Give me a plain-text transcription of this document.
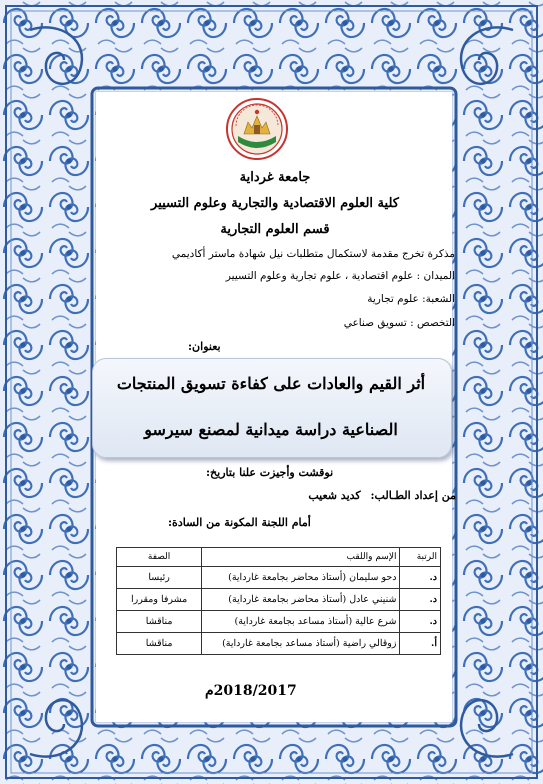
جامعة غرداية
كلية العلوم الاقتصادية والتجارية وعلوم التسيير
قسم العلوم التجارية
مذكرة تخرج مقدمة لاستكمال متطلبات نيل شهادة ماستر أكاديمي
الميدان : علوم اقتصادية ، علوم تجارية وعلوم التسيير
الشعبة: علوم تجارية
التخصص : تسويق صناعي
بعنوان:
أثر القيم والعادات على كفاءة تسويق المنتجات
الصناعية دراسة ميدانية لمصنع سيرسو
نوقشت وأجيزت علنا بتاريخ:
من إعداد الطـالب: كديد شعيب
أمام اللجنة المكونة من السادة:
الرتبة	الإسم واللقب	الصفة
د.	دحو سليمان (أستاذ محاضر بجامعة غارداية)	رئيسا
د.	شنيني عادل (أستاذ محاضر بجامعة غارداية)	مشرفا ومقررا
د.	شرع عالية (أستاذ مساعد بجامعة غارداية)	مناقشا
أ.	زوقالي راضية (أستاذ مساعد بجامعة غارداية)	مناقشا
2018/2017م
